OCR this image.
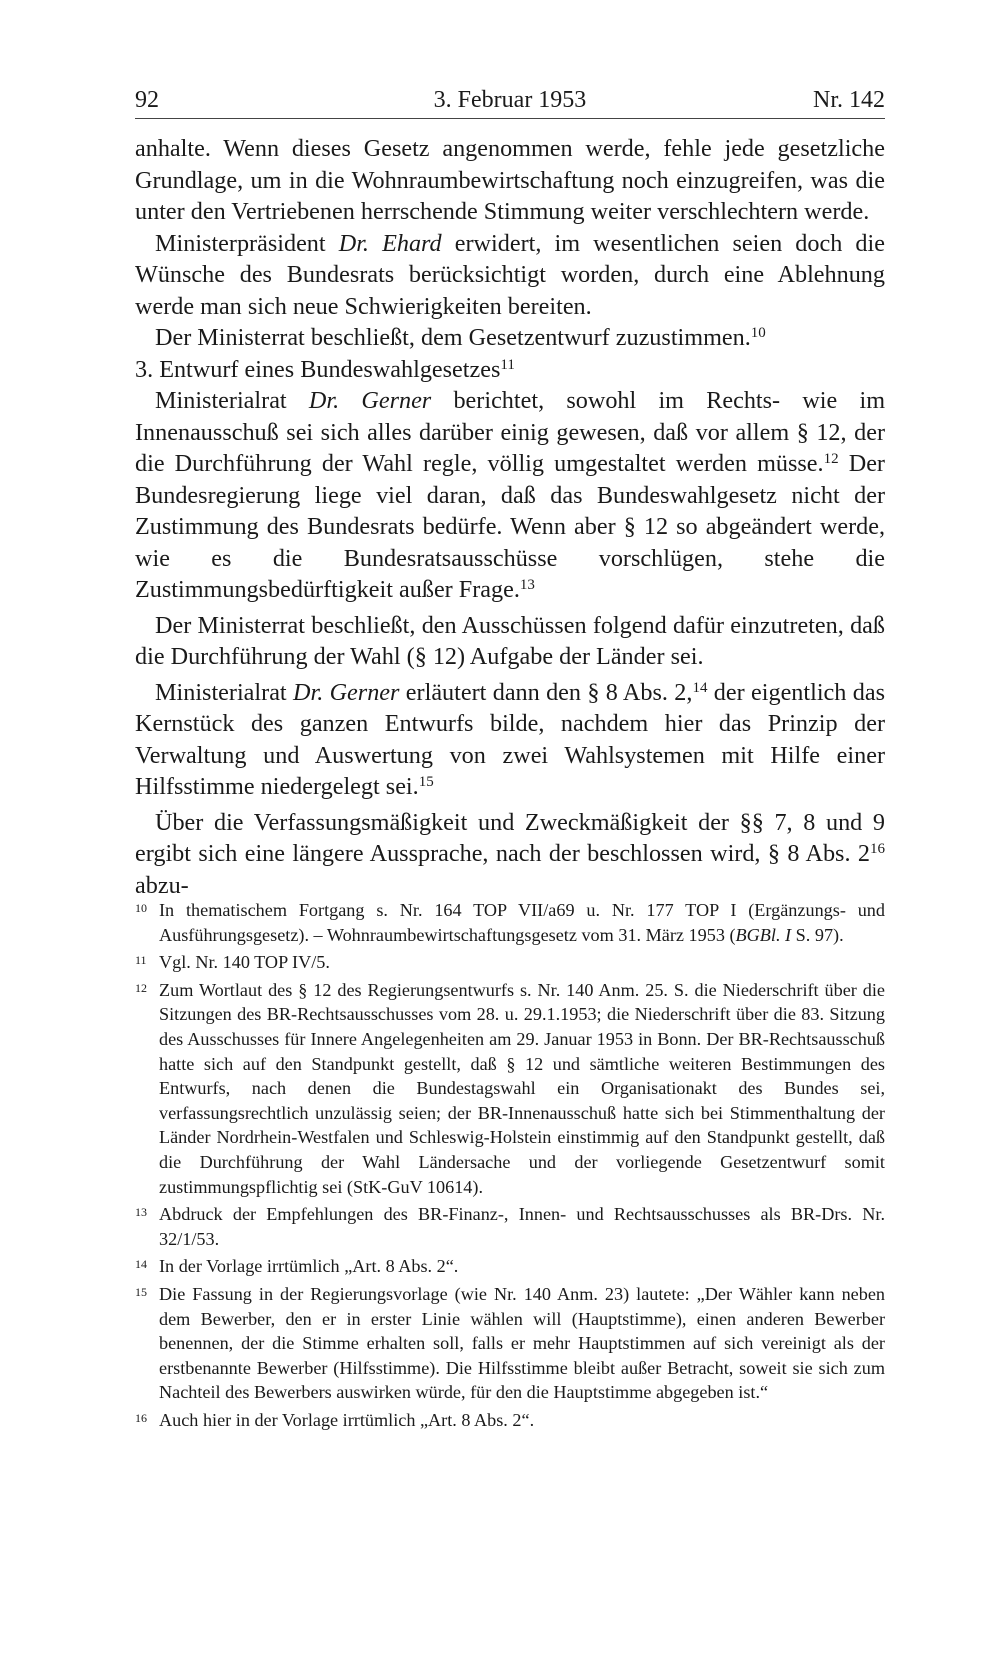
92	3. Februar 1953	Nr. 142

anhalte. Wenn dieses Gesetz angenommen werde, fehle jede gesetzliche Grundlage, um in die Wohnraumbewirtschaftung noch einzugreifen, was die unter den Vertriebenen herrschende Stimmung weiter verschlechtern werde.

Ministerpräsident Dr. Ehard erwidert, im wesentlichen seien doch die Wünsche des Bundesrats berücksichtigt worden, durch eine Ablehnung werde man sich neue Schwierigkeiten bereiten.

Der Ministerrat beschließt, dem Gesetzentwurf zuzustimmen.$^{10}$

3. Entwurf eines Bundeswahlgesetzes$^{11}$

Ministerialrat Dr. Gerner berichtet, sowohl im Rechts- wie im Innenausschuß sei sich alles darüber einig gewesen, daß vor allem § 12, der die Durchführung der Wahl regle, völlig umgestaltet werden müsse.$^{12}$ Der Bundesregierung liege viel daran, daß das Bundeswahlgesetz nicht der Zustimmung des Bundesrats bedürfe. Wenn aber § 12 so abgeändert werde, wie es die Bundesratsausschüsse vorschlügen, stehe die Zustimmungsbedürftigkeit außer Frage.$^{13}$

Der Ministerrat beschließt, den Ausschüssen folgend dafür einzutreten, daß die Durchführung der Wahl (§ 12) Aufgabe der Länder sei.

Ministerialrat Dr. Gerner erläutert dann den § 8 Abs. 2,14 der eigentlich das Kernstück des ganzen Entwurfs bilde, nachdem hier das Prinzip der Verwaltung und Auswertung von zwei Wahlsystemen mit Hilfe einer Hilfsstimme niedergelegt sei.$^{15}$

Über die Verfassungsmäßigkeit und Zweckmäßigkeit der §§ 7, 8 und 9 ergibt sich eine längere Aussprache, nach der beschlossen wird, § 8 Abs. $2^{16}$ abzu-

10 In thematischem Fortgang s. Nr. 164 TOP VII/a69 u. Nr. 177 TOP I (Ergänzungs- und Ausführungsgesetz). – Wohnraumbewirtschaftungsgesetz vom 31. März 1953 (BGBl. I S. 97).
11 Vgl. Nr. 140 TOP IV/5.
12 Zum Wortlaut des § 12 des Regierungsentwurfs s. Nr. 140 Anm. 25. S. die Niederschrift über die Sitzungen des BR-Rechtsausschusses vom 28. u. 29.1.1953; die Niederschrift über die 83. Sitzung des Ausschusses für Innere Angelegenheiten am 29. Januar 1953 in Bonn. Der BR-Rechtsausschuß hatte sich auf den Standpunkt gestellt, daß § 12 und sämtliche weiteren Bestimmungen des Entwurfs, nach denen die Bundestagswahl ein Organisationakt des Bundes sei, verfassungsrechtlich unzulässig seien; der BR-Innenausschuß hatte sich bei Stimmenthaltung der Länder Nordrhein-Westfalen und Schleswig-Holstein einstimmig auf den Standpunkt gestellt, daß die Durchführung der Wahl Ländersache und der vorliegende Gesetzentwurf somit zustimmungspflichtig sei (StK-GuV 10614).
13 Abdruck der Empfehlungen des BR-Finanz-, Innen- und Rechtsausschusses als BR-Drs. Nr. 32/1/53.
14 In der Vorlage irrtümlich „Art. 8 Abs. 2“.
15 Die Fassung in der Regierungsvorlage (wie Nr. 140 Anm. 23) lautete: „Der Wähler kann neben dem Bewerber, den er in erster Linie wählen will (Hauptstimme), einen anderen Bewerber benennen, der die Stimme erhalten soll, falls er mehr Hauptstimmen auf sich vereinigt als der erstbenannte Bewerber (Hilfsstimme). Die Hilfsstimme bleibt außer Betracht, soweit sie sich zum Nachteil des Bewerbers auswirken würde, für den die Hauptstimme abgegeben ist.“
16 Auch hier in der Vorlage irrtümlich „Art. 8 Abs. 2“.
